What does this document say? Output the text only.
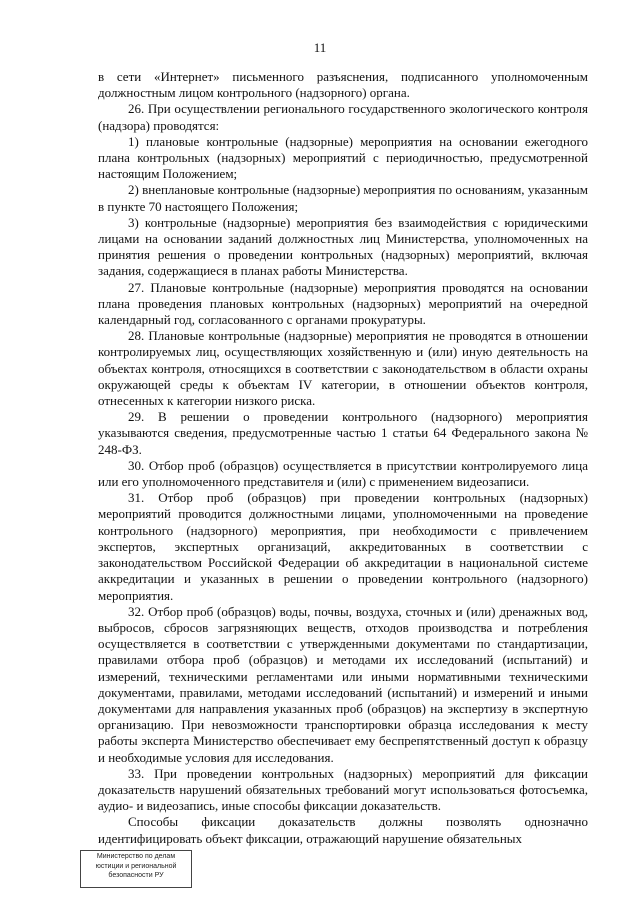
11

в сети «Интернет» письменного разъяснения, подписанного уполномоченным должностным лицом контрольного (надзорного) органа.

26. При осуществлении регионального государственного экологического контроля (надзора) проводятся:

1) плановые контрольные (надзорные) мероприятия на основании ежегодного плана контрольных (надзорных) мероприятий с периодичностью, предусмотренной настоящим Положением;

2) внеплановые контрольные (надзорные) мероприятия по основаниям, указанным в пункте 70 настоящего Положения;

3) контрольные (надзорные) мероприятия без взаимодействия с юридическими лицами на основании заданий должностных лиц Министерства, уполномоченных на принятия решения о проведении контрольных (надзорных) мероприятий, включая задания, содержащиеся в планах работы Министерства.

27. Плановые контрольные (надзорные) мероприятия проводятся на основании плана проведения плановых контрольных (надзорных) мероприятий на очередной календарный год, согласованного с органами прокуратуры.

28. Плановые контрольные (надзорные) мероприятия не проводятся в отношении контролируемых лиц, осуществляющих хозяйственную и (или) иную деятельность на объектах контроля, относящихся в соответствии с законодательством в области охраны окружающей среды к объектам IV категории, в отношении объектов контроля, отнесенных к категории низкого риска.

29. В решении о проведении контрольного (надзорного) мероприятия указываются сведения, предусмотренные частью 1 статьи 64 Федерального закона № 248-ФЗ.

30. Отбор проб (образцов) осуществляется в присутствии контролируемого лица или его уполномоченного представителя и (или) с применением видеозаписи.

31. Отбор проб (образцов) при проведении контрольных (надзорных) мероприятий проводится должностными лицами, уполномоченными на проведение контрольного (надзорного) мероприятия, при необходимости с привлечением экспертов, экспертных организаций, аккредитованных в соответствии с законодательством Российской Федерации об аккредитации в национальной системе аккредитации и указанных в решении о проведении контрольного (надзорного) мероприятия.

32. Отбор проб (образцов) воды, почвы, воздуха, сточных и (или) дренажных вод, выбросов, сбросов загрязняющих веществ, отходов производства и потребления осуществляется в соответствии с утвержденными документами по стандартизации, правилами отбора проб (образцов) и методами их исследований (испытаний) и измерений, техническими регламентами или иными нормативными техническими документами, правилами, методами исследований (испытаний) и измерений и иными документами для направления указанных проб (образцов) на экспертизу в экспертную организацию. При невозможности транспортировки образца исследования к месту работы эксперта Министерство обеспечивает ему беспрепятственный доступ к образцу и необходимые условия для исследования.

33. При проведении контрольных (надзорных) мероприятий для фиксации доказательств нарушений обязательных требований могут использоваться фотосъемка, аудио- и видеозапись, иные способы фиксации доказательств.

Способы фиксации доказательств должны позволять однозначно идентифицировать объект фиксации, отражающий нарушение обязательных

Министерство по делам
юстиции и региональной
безопасности РУ
